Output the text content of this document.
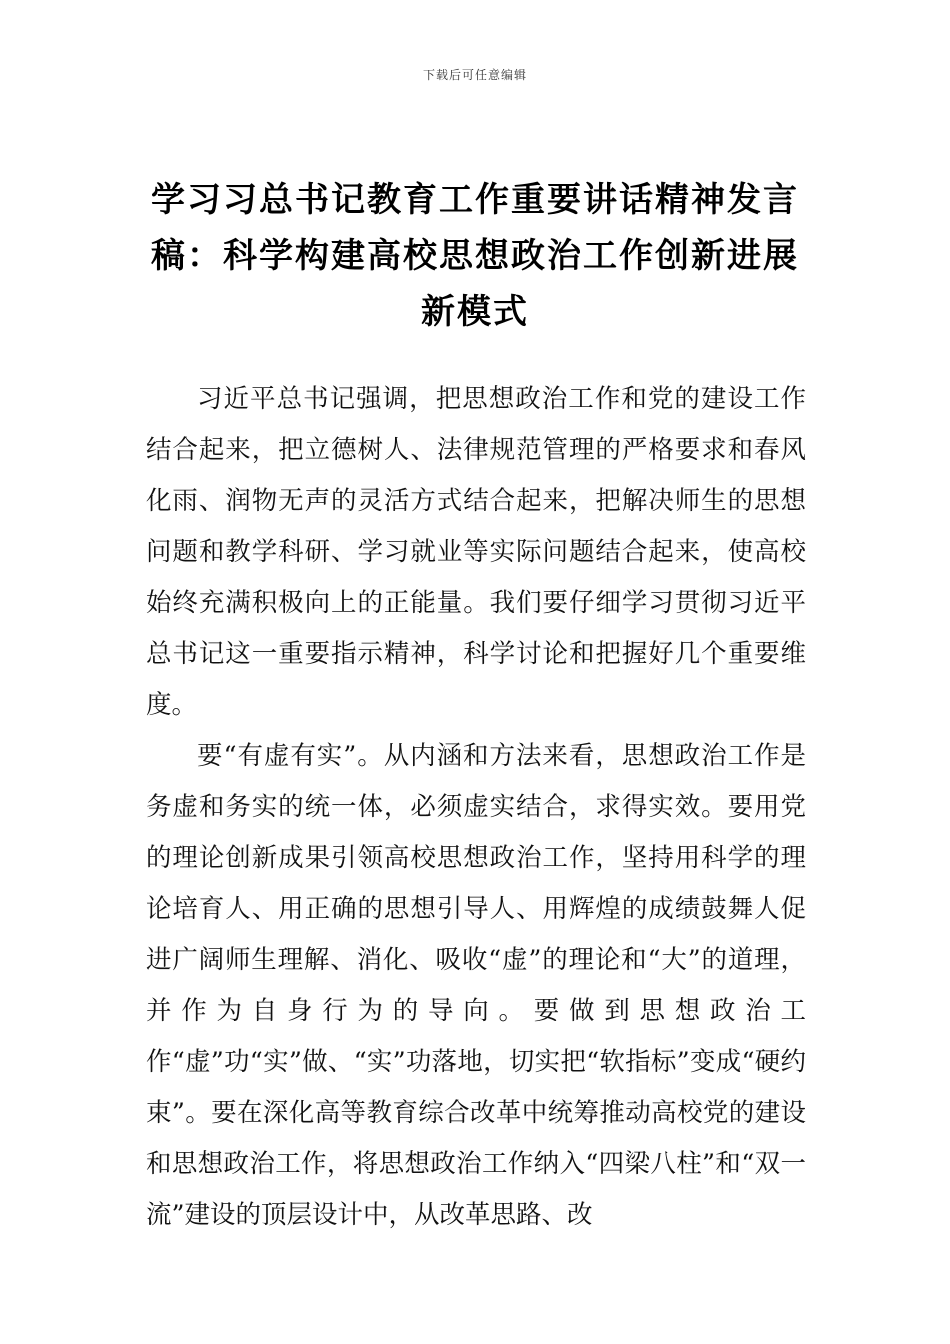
下载后可任意编辑
学习习总书记教育工作重要讲话精神发言
稿：科学构建高校思想政治工作创新进展
新模式

习近平总书记强调，把思想政治工作和党的建设工作结合起来，把立德树人、法律规范管理的严格要求和春风化雨、润物无声的灵活方式结合起来，把解决师生的思想问题和教学科研、学习就业等实际问题结合起来，使高校始终充满积极向上的正能量。我们要仔细学习贯彻习近平总书记这一重要指示精神，科学讨论和把握好几个重要维度。

要“有虚有实”。从内涵和方法来看，思想政治工作是务虚和务实的统一体，必须虚实结合，求得实效。要用党的理论创新成果引领高校思想政治工作，坚持用科学的理论培育人、用正确的思想引导人、用辉煌的成绩鼓舞人促进广阔师生理解、消化、吸收“虚”的理论和“大”的道理，并作为自身行为的导向。要做到思想政治工作“虚”功“实”做、“实”功落地，切实把“软指标”变成“硬约束”。要在深化高等教育综合改革中统筹推动高校党的建设和思想政治工作，将思想政治工作纳入“四梁八柱”和“双一流”建设的顶层设计中，从改革思路、改
